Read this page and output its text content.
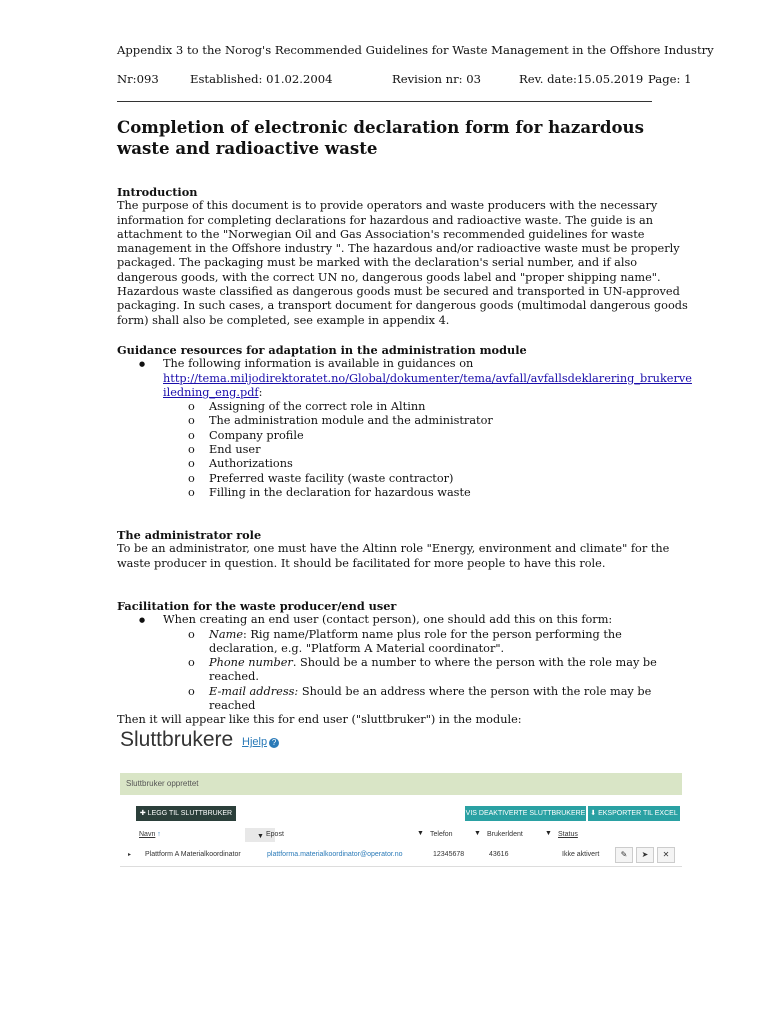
Appendix 3 to the Norog's Recommended Guidelines for Waste Management in the Offshore Industry
Nr:093	Established: 01.02.2004	Revision nr: 03	Rev. date:15.05.2019 Page: 1
Completion of electronic declaration form for hazardous waste and radioactive waste
Introduction

The purpose of this document is to provide operators and waste producers with the necessary information for completing declarations for hazardous and radioactive waste. The guide is an attachment to the "Norwegian Oil and Gas Association's recommended guidelines for waste management in the Offshore industry ". The hazardous and/or radioactive waste must be properly packaged. The packaging must be marked with the declaration's serial number, and if also dangerous goods, with the correct UN no, dangerous goods label and "proper shipping name". Hazardous waste classified as dangerous goods must be secured and transported in UN-approved packaging. In such cases, a transport document for dangerous goods (multimodal dangerous goods form) shall also be completed, see example in appendix 4.

Guidance resources for adaptation in the administration module
● The following information is available in guidances on
http://tema.miljodirektoratet.no/Global/dokumenter/tema/avfall/avfallsdeklarering_brukerveiledning_eng.pdf:
o Assigning of the correct role in Altinn
o The administration module and the administrator
o Company profile
o End user
o Authorizations
o Preferred waste facility (waste contractor)
o Filling in the declaration for hazardous waste
The administrator role

To be an administrator, one must have the Altinn role "Energy, environment and climate" for the waste producer in question. It should be facilitated for more people to have this role.

Facilitation for the waste producer/end user
● When creating an end user (contact person), one should add this on this form:
o Name: Rig name/Platform name plus role for the person performing the declaration, e.g. "Platform A Material coordinator".
o Phone number. Should be a number to where the person with the role may be reached.
o E-mail address: Should be an address where the person with the role may be reached

Then it will appear like this for end user ("sluttbruker") in the module:

Sluttbrukere Hjelp ?
Sluttbruker opprettet
✚ LEGG TIL SLUTTBRUKER	VIS DEAKTIVERTE SLUTTBRUKERE ⬇ EKSPORTER TIL EXCEL
Navn ↑	▼ Epost	▼ Telefon	▼ Brukerldent	▼ Status
▸ Plattform A Materialkoordinator	plattforma.materialkoordinator@operator.no	12345678	43616	Ikke aktivert	✎	➤	✕
